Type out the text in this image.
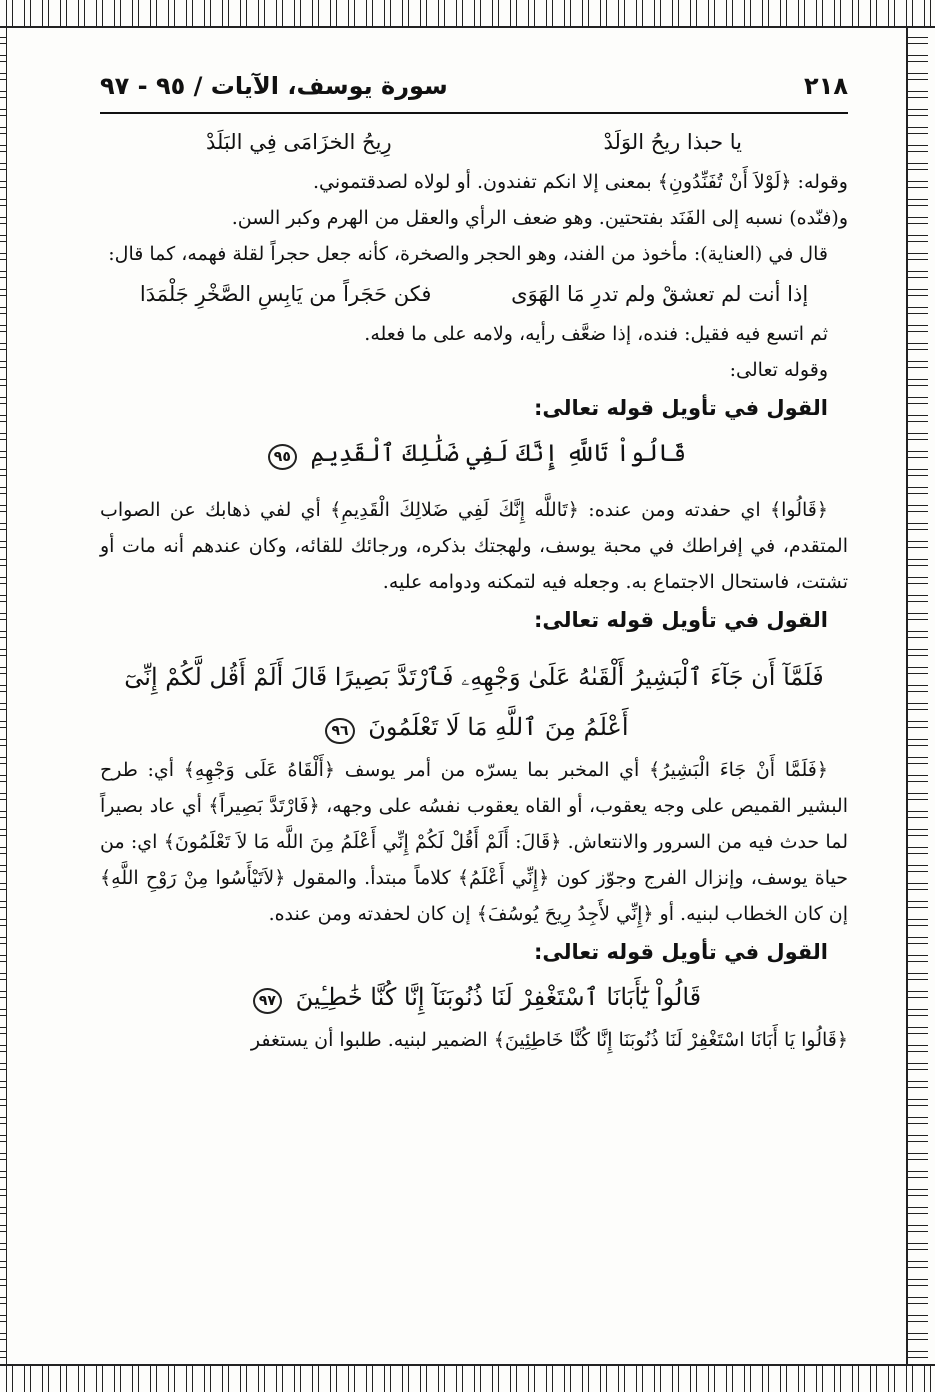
٢١٨
سورة يوسف، الآيات / ٩٥ - ٩٧
يا حبذا ريحُ الوَلَدْ
رِيحُ الخزَامَى فِي البَلَدْ

وقوله: ﴿لَوْلاَ أَنْ تُفَنِّدُونِ﴾ بمعنى إلا انكم تفندون. أو لولاه لصدقتموني.

و(فنّده) نسبه إلى الفَنَد بفتحتين. وهو ضعف الرأي والعقل من الهرم وكبر السن.

قال في (العناية): مأخوذ من الفند، وهو الحجر والصخرة، كأنه جعل حجراً لقلة فهمه، كما قال:

إذا أنت لم تعشقْ ولم تدرِ مَا الهَوَى
فكن حَجَراً من يَابِسِ الصَّخْرِ جَلْمَدَا

ثم اتسع فيه فقيل: فنده، إذا ضعَّف رأيه، ولامه على ما فعله.

وقوله تعالى:

القول في تأويل قوله تعالى:

قَالُواْ تَاللَّهِ إِنَّكَ لَفِي ضَلَٰلِكَ ٱلْقَدِيمِ ٩٥

﴿قَالُوا﴾ اي حفدته ومن عنده: ﴿تَاللَّه إِنَّكَ لَفِي ضَلالِكَ الْقَدِيمِ﴾ أي لفي ذهابك عن الصواب المتقدم، في إفراطك في محبة يوسف، ولهجتك بذكره، ورجائك للقائه، وكان عندهم أنه مات أو تشتت، فاستحال الاجتماع به. وجعله فيه لتمكنه ودوامه عليه.

القول في تأويل قوله تعالى:

فَلَمَّآ أَن جَآءَ ٱلْبَشِيرُ أَلْقَىٰهُ عَلَىٰ وَجْهِهِۦ فَٱرْتَدَّ بَصِيرًا قَالَ أَلَمْ أَقُل لَّكُمْ إِنِّىٓ
أَعْلَمُ مِنَ ٱللَّهِ مَا لَا تَعْلَمُونَ ٩٦

﴿فَلَمَّا أَنْ جَاءَ الْبَشِيرُ﴾ أي المخبر بما يسرّه من أمر يوسف ﴿أَلْقَاهُ عَلَى وَجْهِهِ﴾ أي: طرح البشير القميص على وجه يعقوب، أو القاه يعقوب نفسُه على وجهه، ﴿فَارْتَدَّ بَصِيراً﴾ أي عاد بصيراً لما حدث فيه من السرور والانتعاش. ﴿قَالَ: أَلَمْ أَقُلْ لَكُمْ إِنِّي أَعْلَمُ مِنَ اللَّه مَا لاَ تَعْلَمُونَ﴾ اي: من حياة يوسف، وإنزال الفرج وجوّز كون ﴿إِنِّي أَعْلَمُ﴾ كلاماً مبتدأ. والمقول ﴿لاَتَيْأَسُوا مِنْ رَوْحِ اللَّهِ﴾ إن كان الخطاب لبنيه. أو ﴿إِنِّي لأَجِدُ رِيحَ يُوسُفَ﴾ إن كان لحفدته ومن عنده.

القول في تأويل قوله تعالى:

قَالُواْ يَٰٓأَبَانَا ٱسْتَغْفِرْ لَنَا ذُنُوبَنَآ إِنَّا كُنَّا خَٰطِـِٔينَ ٩٧

﴿قَالُوا يَا أَبَانَا اسْتَغْفِرْ لَنَا ذُنُوبَنَا إِنَّا كُنَّا خَاطِئِينَ﴾ الضمير لبنيه. طلبوا أن يستغفر
